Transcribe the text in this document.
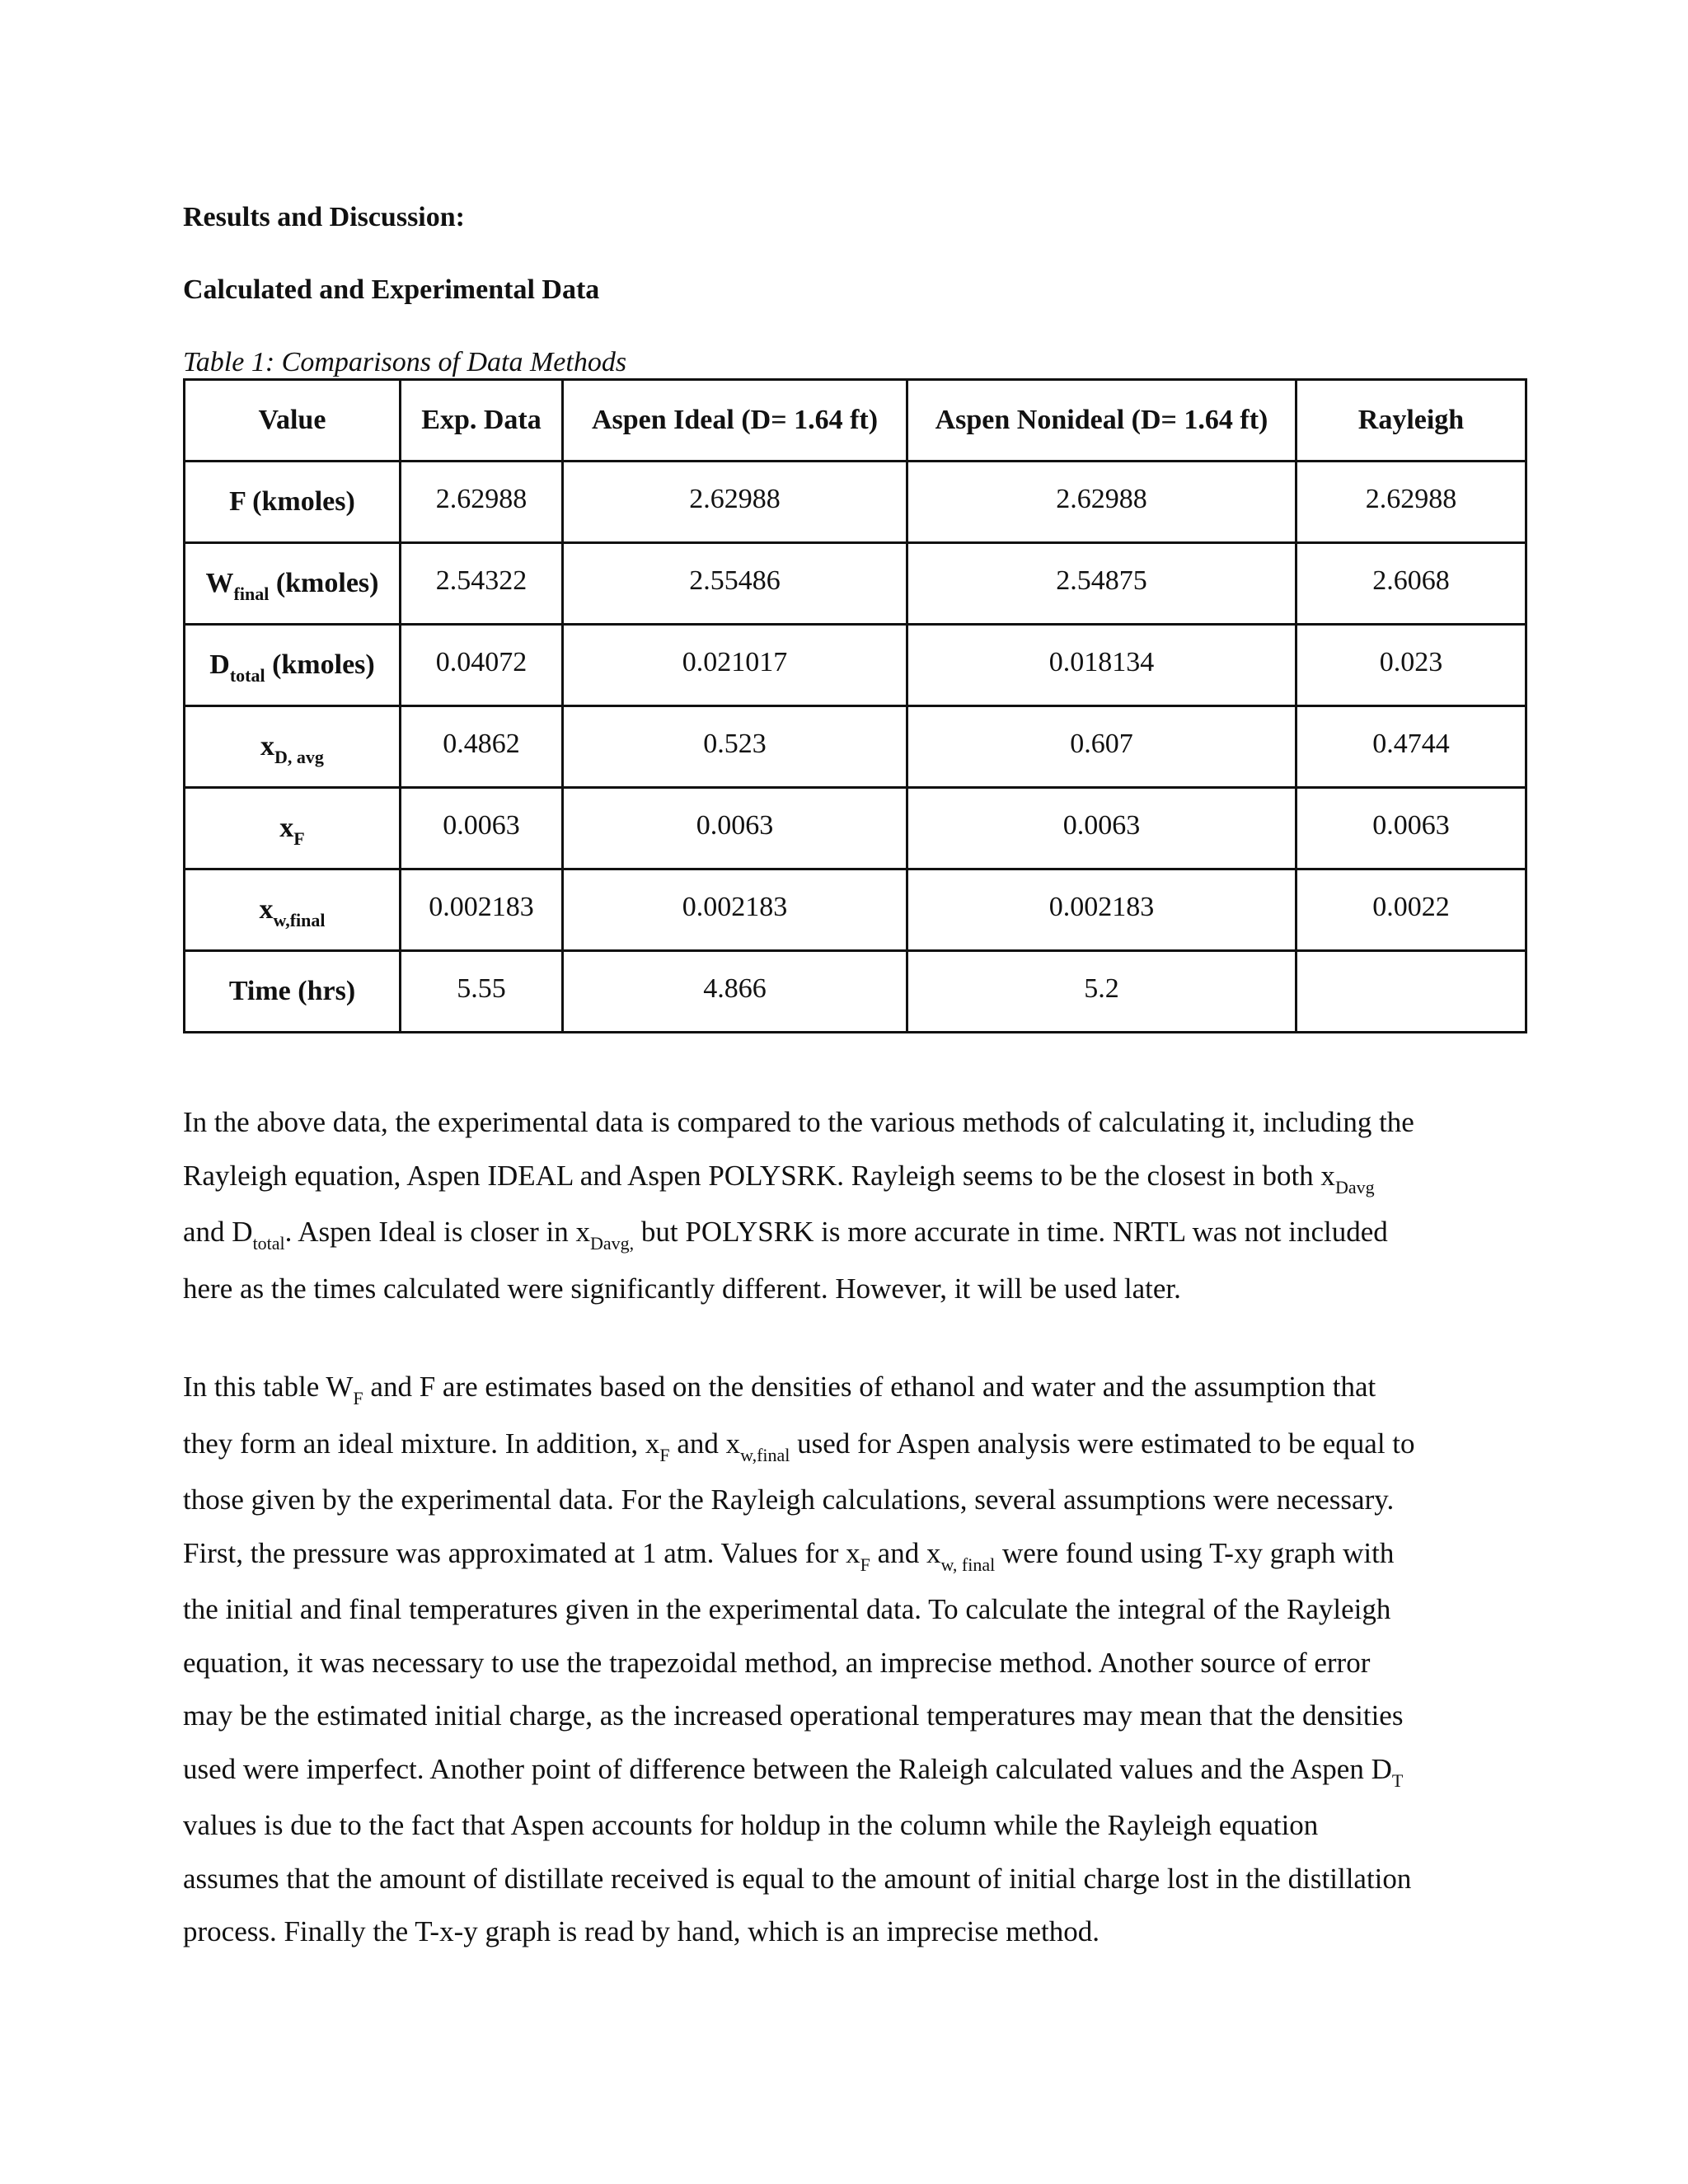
Results and Discussion:
Calculated and Experimental Data
Table 1: Comparisons of Data Methods
Value	Exp. Data	Aspen Ideal (D= 1.64 ft)	Aspen Nonideal (D= 1.64 ft)	Rayleigh
F (kmoles)	2.62988	2.62988	2.62988	2.62988
$W_{final}$ (kmoles)	2.54322	2.55486	2.54875	2.6068
$D_{total}$ (kmoles)	0.04072	0.021017	0.018134	0.023
$x_{D, avg}$	0.4862	0.523	0.607	0.4744
$x_F$	0.0063	0.0063	0.0063	0.0063
$x_{w,final}$	0.002183	0.002183	0.002183	0.0022
Time (hrs)	5.55	4.866	5.2	
In the above data, the experimental data is compared to the various methods of calculating it, including the
Rayleigh equation, Aspen IDEAL and Aspen POLYSRK. Rayleigh seems to be the closest in both $x_{Davg}$
and $D_{total}$. Aspen Ideal is closer in $x_{Davg,}$ but POLYSRK is more accurate in time. NRTL was not included
here as the times calculated were significantly different. However, it will be used later.
In this table $W_F$ and F are estimates based on the densities of ethanol and water and the assumption that
they form an ideal mixture. In addition, $x_F$ and $x_{w,final}$ used for Aspen analysis were estimated to be equal to
those given by the experimental data. For the Rayleigh calculations, several assumptions were necessary.
First, the pressure was approximated at 1 atm. Values for $x_F$ and $x_{w, final}$ were found using T-xy graph with
the initial and final temperatures given in the experimental data. To calculate the integral of the Rayleigh
equation, it was necessary to use the trapezoidal method, an imprecise method. Another source of error
may be the estimated initial charge, as the increased operational temperatures may mean that the densities
used were imperfect. Another point of difference between the Raleigh calculated values and the Aspen $D_T$
values is due to the fact that Aspen accounts for holdup in the column while the Rayleigh equation
assumes that the amount of distillate received is equal to the amount of initial charge lost in the distillation
process. Finally the T-x-y graph is read by hand, which is an imprecise method.
